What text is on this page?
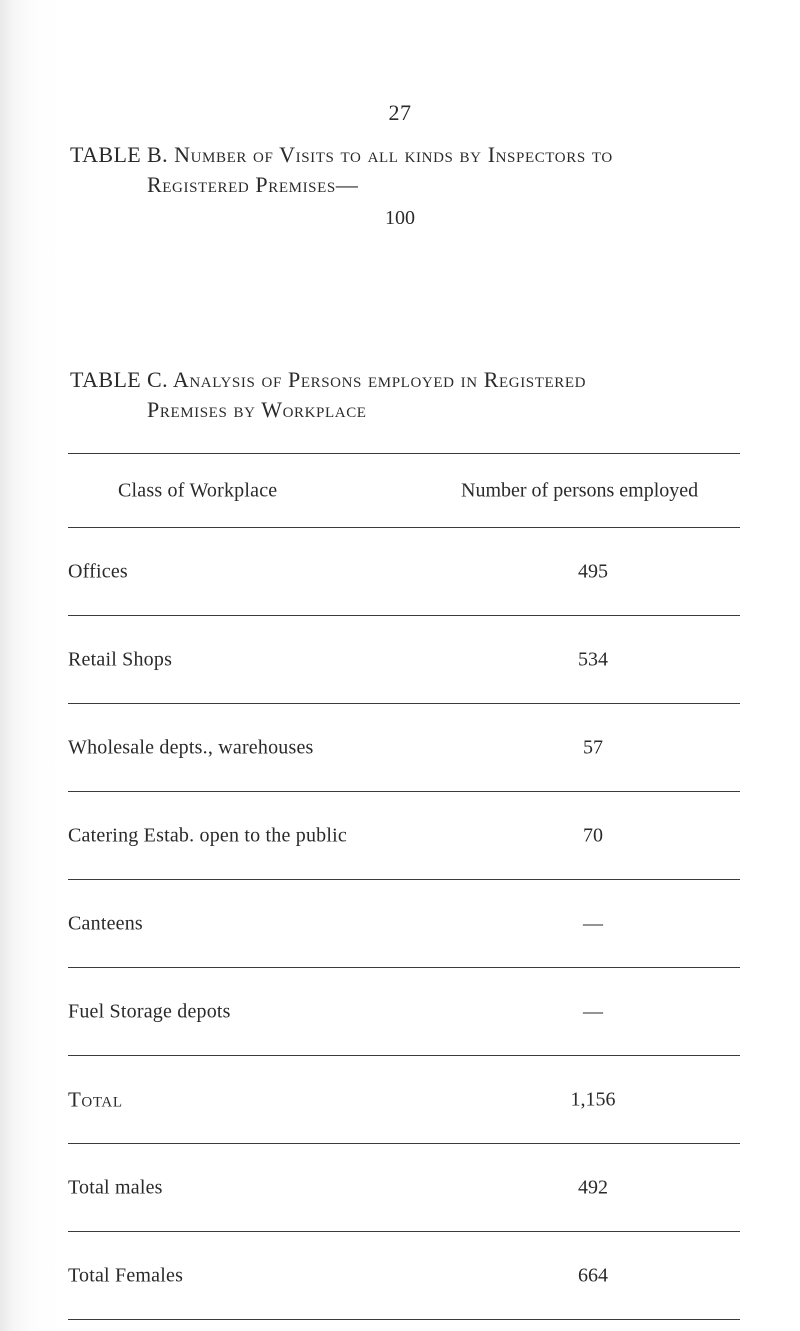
27
TABLE B. Number of Visits to all kinds by Inspectors to
Registered Premises—
100
TABLE C. Analysis of Persons employed in Registered
Premises by Workplace
Class of Workplace	Number of persons employed
Offices	495
Retail Shops	534
Wholesale depts., warehouses	57
Catering Estab. open to the public	70
Canteens	—
Fuel Storage depots	—
Total	1,156
Total males	492
Total Females	664
